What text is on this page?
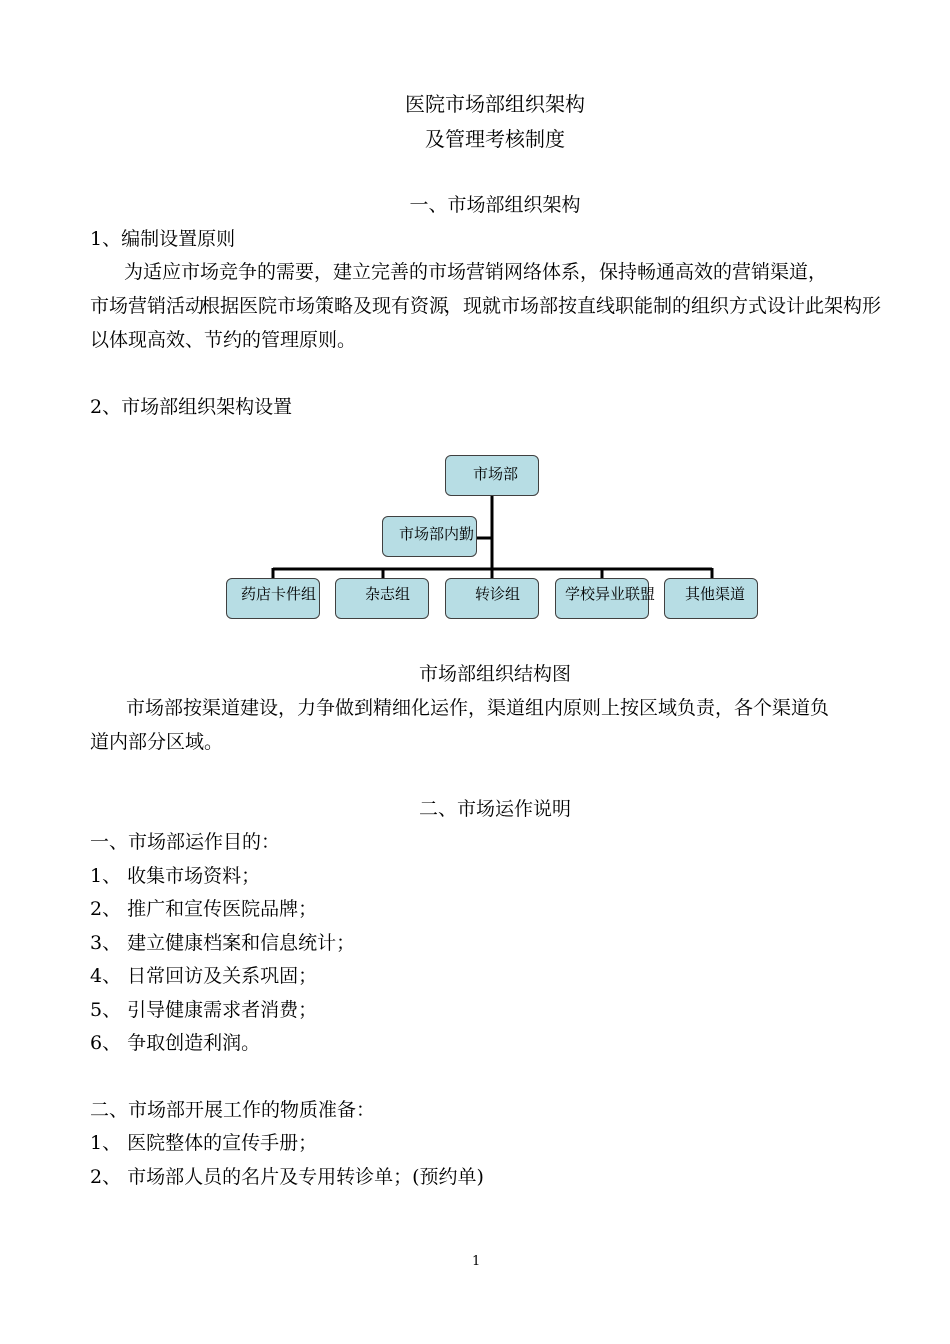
医院市场部组织架构
及管理考核制度
一、市场部组织架构
1、编制设置原则
为适应市场竞争的需要，建立完善的市场营销网络体系，保持畅通高效的营销渠道，
市场营销活动
根据医院市场策略及现有资源
，现就市场部按直线职能制的组织方式设计此架构形
以体现高效、节约的管理原则。
2、市场部组织架构设置
市场部
市场部内勤
药店卡件组	杂志组	转诊组	学校异业联盟	其他渠道
市场部组织结构图
市场部按渠道建设，力争做到精细化运作，渠道组内原则上按区域负责，各个渠道负
道内部分区域。
二、市场运作说明
一、市场部运作目的：
1、 收集市场资料；
2、 推广和宣传医院品牌；
3、 建立健康档案和信息统计；
4、 日常回访及关系巩固；
5、 引导健康需求者消费；
6、 争取创造利润。
二、市场部开展工作的物质准备：
1、 医院整体的宣传手册；
2、 市场部人员的名片及专用转诊单；(预约单)
1
